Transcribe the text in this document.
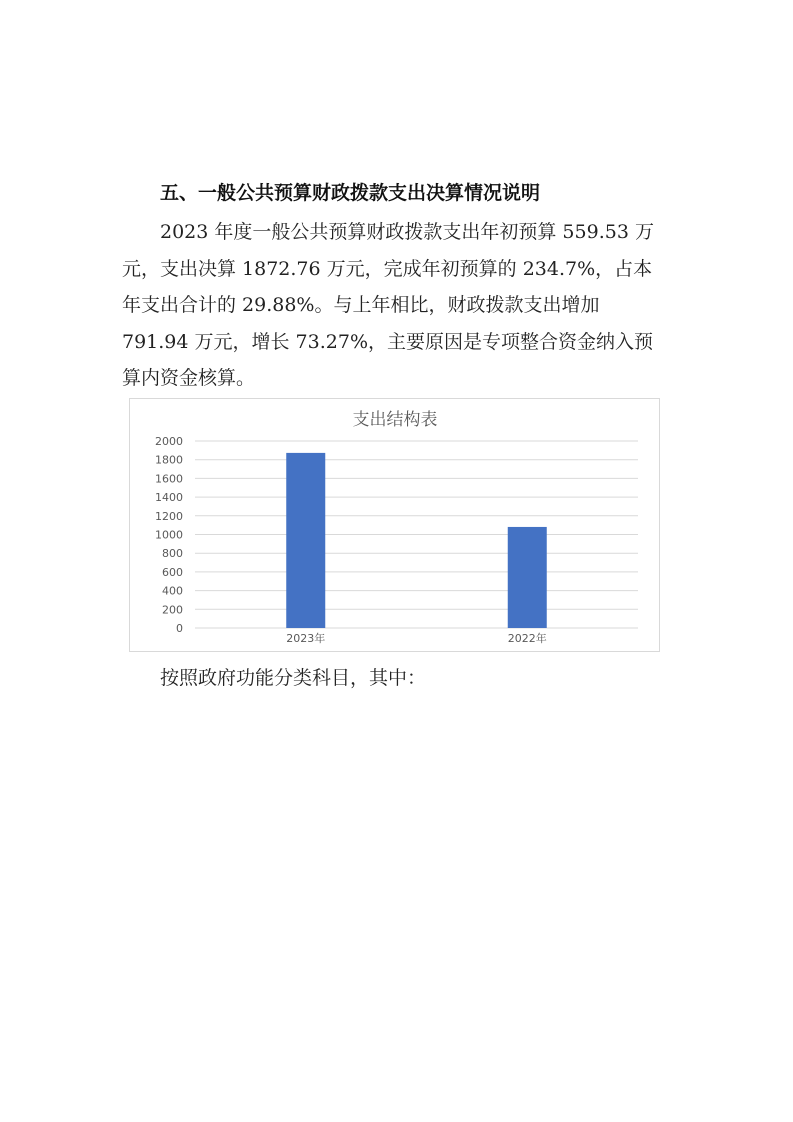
五、一般公共预算财政拨款支出决算情况说明

2023 年度一般公共预算财政拨款支出年初预算 559.53 万元，支出决算 1872.76 万元，完成年初预算的 234.7%，占本年支出合计的 29.88%。与上年相比，财政拨款支出增加 791.94 万元，增长 73.27%，主要原因是专项整合资金纳入预算内资金核算。

支出结构表
0
200
400
600
800
1000
1200
1400
1600
1800
2000
2023年	2022年
按照政府功能分类科目，其中：
